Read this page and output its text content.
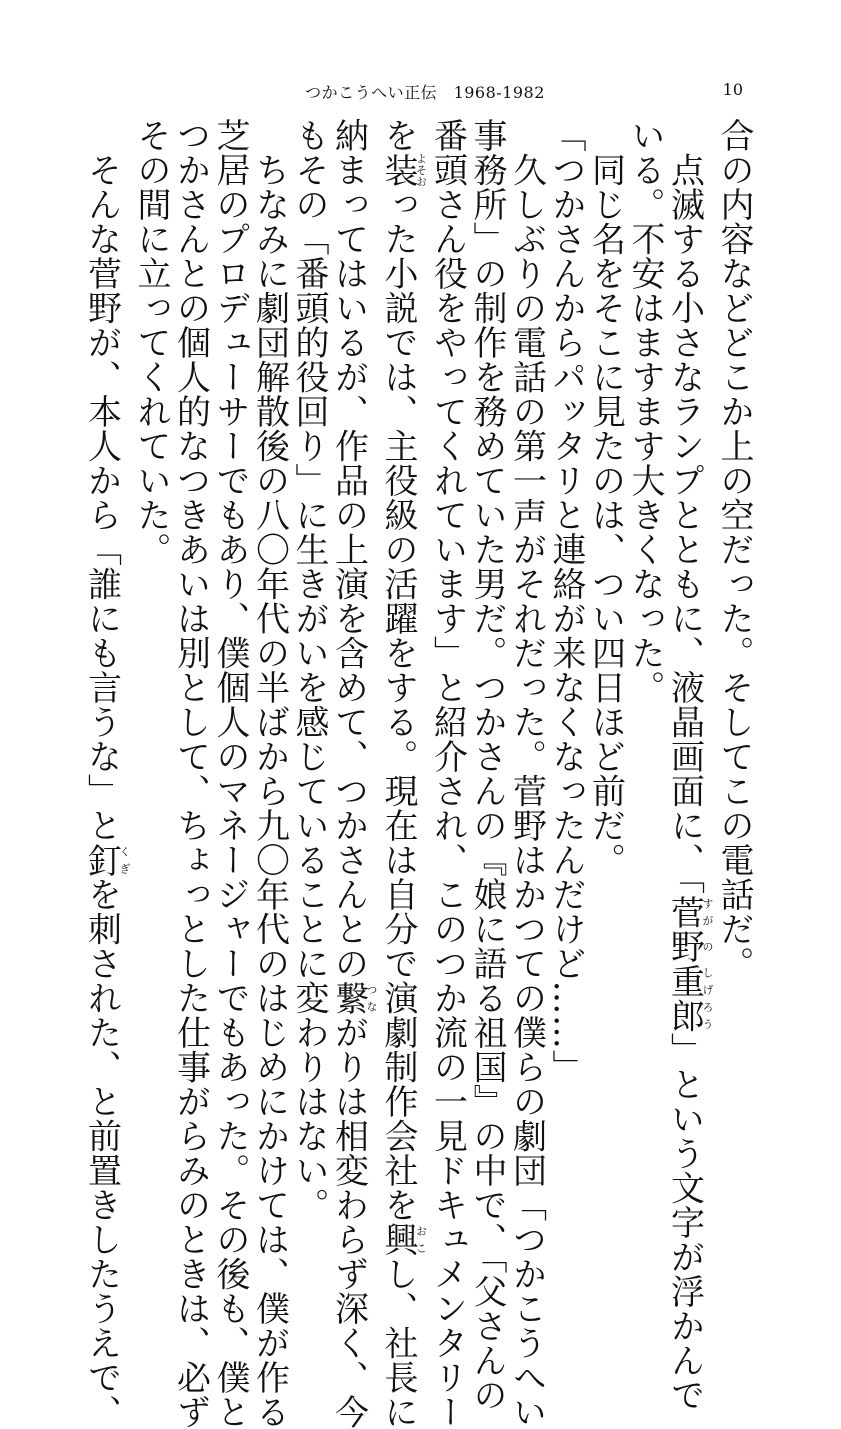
つかこうへい正伝　1968-1982	10
合の内容などどこか上の空だった。そしてこの電話だ。
　点滅する小さなランプとともに、液晶画面に、「菅すが野の重郎しげろう」という文字が浮かんで
いる。不安はますます大きくなった。
　同じ名をそこに見たのは、つい四日ほど前だ。
「つかさんからパッタリと連絡が来なくなったんだけど……」
　久しぶりの電話の第一声がそれだった。菅野はかつての僕らの劇団「つかこうへい
事務所」の制作を務めていた男だ。つかさんの『娘に語る祖国』の中で、「父さんの
番頭さん役をやってくれています」と紹介され、このつか流の一見ドキュメンタリー
を装よそおった小説では、主役級の活躍をする。現在は自分で演劇制作会社を興おこし、社長に
納まってはいるが、作品の上演を含めて、つかさんとの繋つながりは相変わらず深く、今
もその「番頭的役回り」に生きがいを感じていることに変わりはない。
　ちなみに劇団解散後の八〇年代の半ばから九〇年代のはじめにかけては、僕が作る
芝居のプロデューサーでもあり、僕個人のマネージャーでもあった。その後も、僕と
つかさんとの個人的なつきあいは別として、ちょっとした仕事がらみのときは、必ず
その間に立ってくれていた。
　そんな菅野が、本人から「誰にも言うな」と釘くぎを刺された、と前置きしたうえで、
